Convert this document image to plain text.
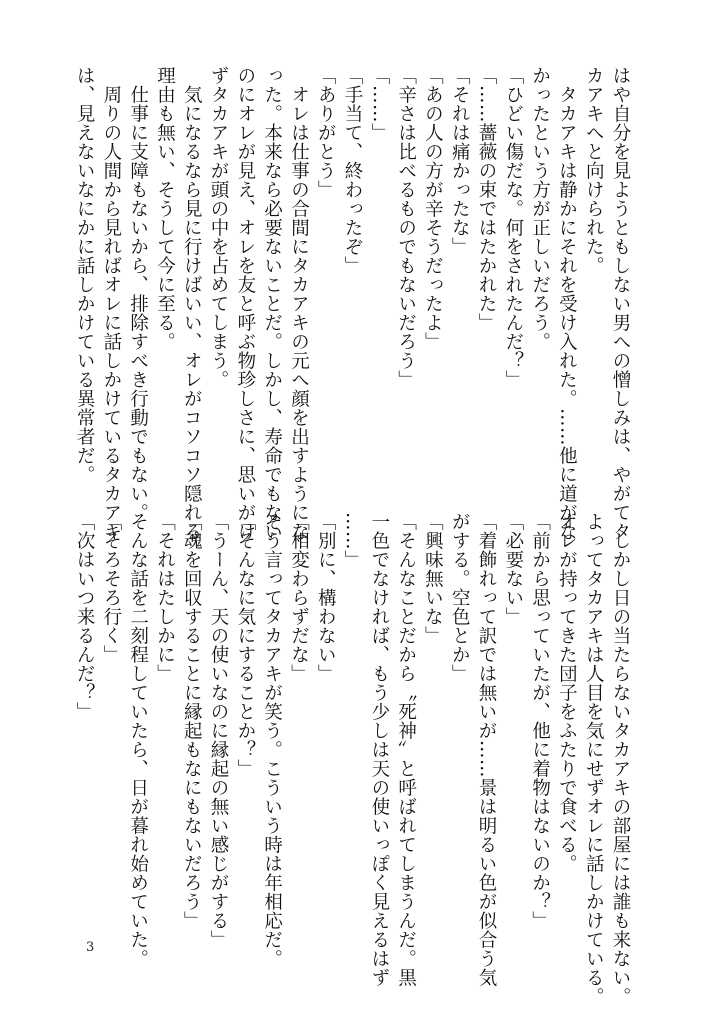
はや自分を見ようともしない男への憎しみは、やがてタ

カアキへと向けられた。

　タカアキは静かにそれを受け入れた。……他に道がな

かったという方が正しいだろう。

「ひどい傷だな。何をされたんだ？」

「……薔薇の束ではたかれた」

「それは痛かったな」

「あの人の方が辛そうだったよ」

「辛さは比べるものでもないだろう」

「……」

「手当て、終わったぞ」

「ありがとう」

　オレは仕事の合間にタカアキの元へ顔を出すようにな

った。本来なら必要ないことだ。しかし、寿命でもない

のにオレが見え、オレを友と呼ぶ物珍しさに、思いがけ

ずタカアキが頭の中を占めてしまう。

　気になるなら見に行けばいい、オレがコソコソ隠れる

理由も無い、そうして今に至る。

　仕事に支障もないから、排除すべき行動でもない。

　周りの人間から見ればオレに話しかけているタカアキ

は、見えないなにかに話しかけている異常者だ。

　しかし日の当たらないタカアキの部屋には誰も来ない。

よってタカアキは人目を気にせずオレに話しかけている。

オレが持ってきた団子をふたりで食べる。

「前から思っていたが、他に着物はないのか？」

「必要ない」

「着飾れって訳では無いが……景は明るい色が似合う気

がする。空色とか」

「興味無いな」

「そんなことだから〝死神〟と呼ばれてしまうんだ。黒

一色でなければ、もう少しは天の使いっぽく見えるはず

……」

「別に、構わない」

「相変わらずだな」

そう言ってタカアキが笑う。こういう時は年相応だ。

「そんなに気にすることか？」

「うーん、天の使いなのに縁起の無い感じがする」

「魂を回収することに縁起もなにもないだろう」

「それはたしかに」

そんな話を二刻程していたら、日が暮れ始めていた。

「そろそろ行く」

「次はいつ来るんだ？」

3
